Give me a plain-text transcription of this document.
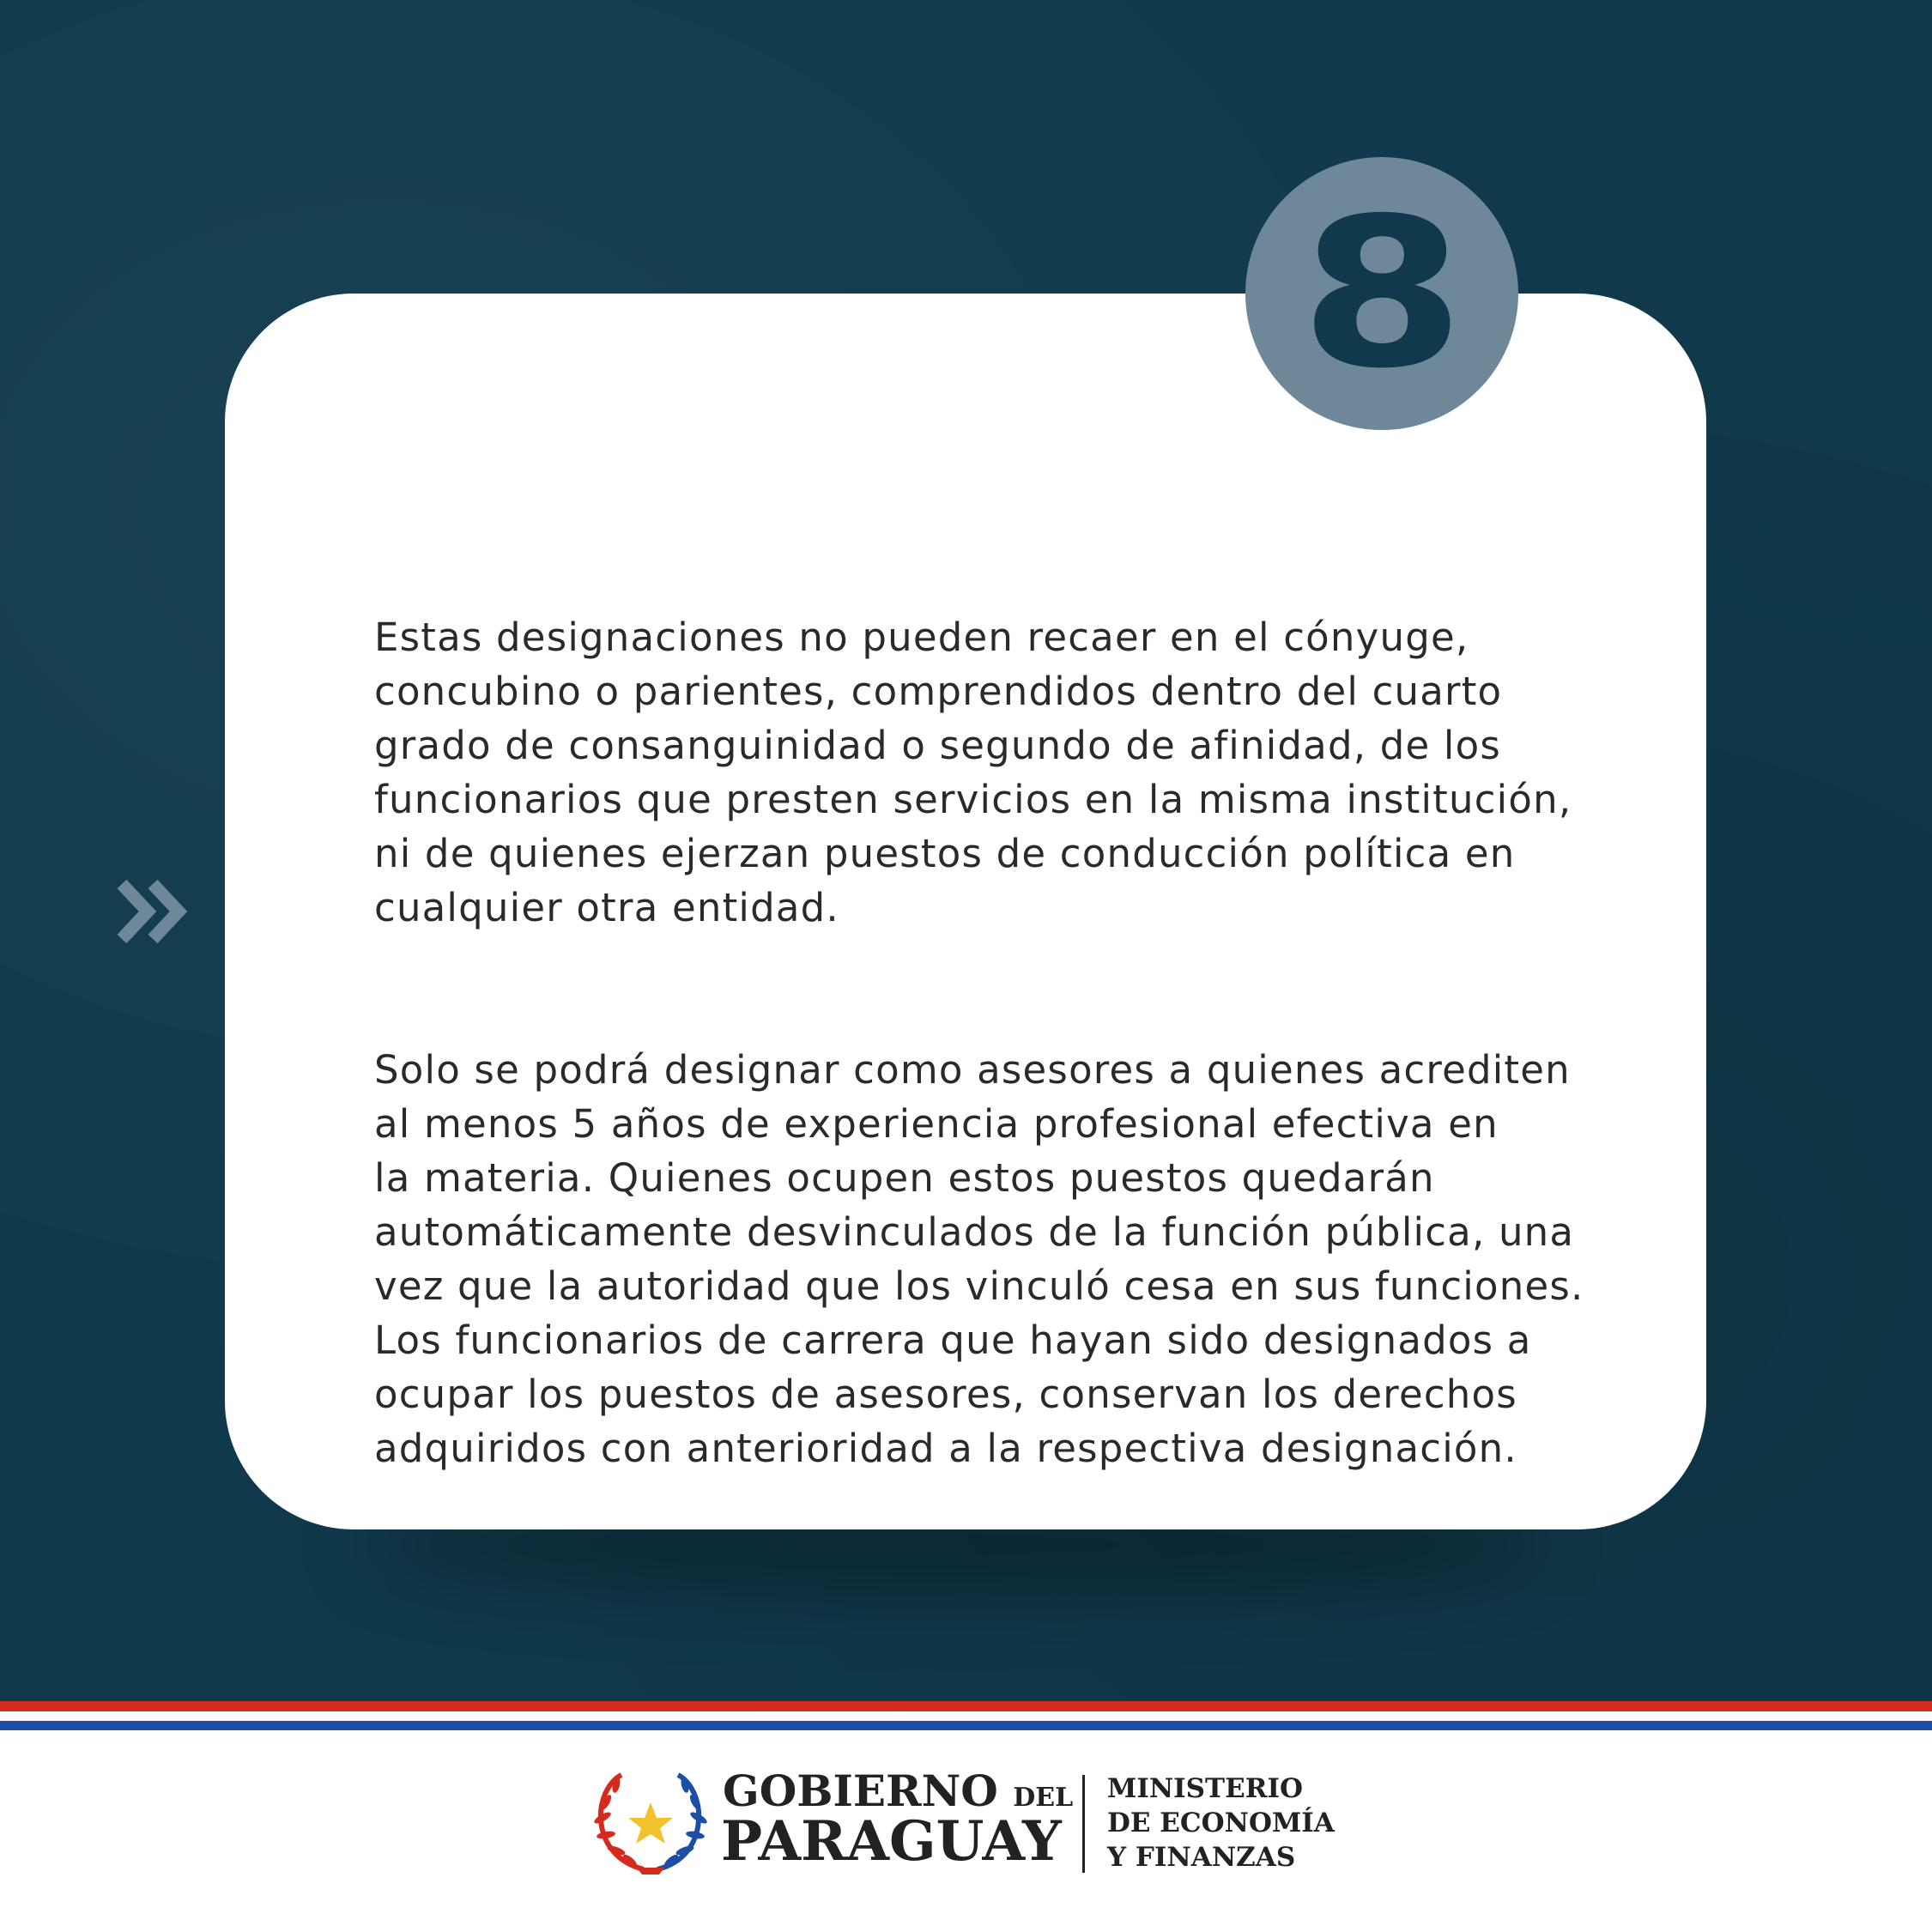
8

Estas designaciones no pueden recaer en el cónyuge,
concubino o parientes, comprendidos dentro del cuarto
grado de consanguinidad o segundo de afinidad, de los
funcionarios que presten servicios en la misma institución,
ni de quienes ejerzan puestos de conducción política en
cualquier otra entidad.

Solo se podrá designar como asesores a quienes acrediten
al menos 5 años de experiencia profesional efectiva en
la materia. Quienes ocupen estos puestos quedarán
automáticamente desvinculados de la función pública, una
vez que la autoridad que los vinculó cesa en sus funciones.
Los funcionarios de carrera que hayan sido designados a
ocupar los puestos de asesores, conservan los derechos
adquiridos con anterioridad a la respectiva designación.

GOBIERNO DEL
PARAGUAY
MINISTERIO
DE ECONOMÍA
Y FINANZAS
